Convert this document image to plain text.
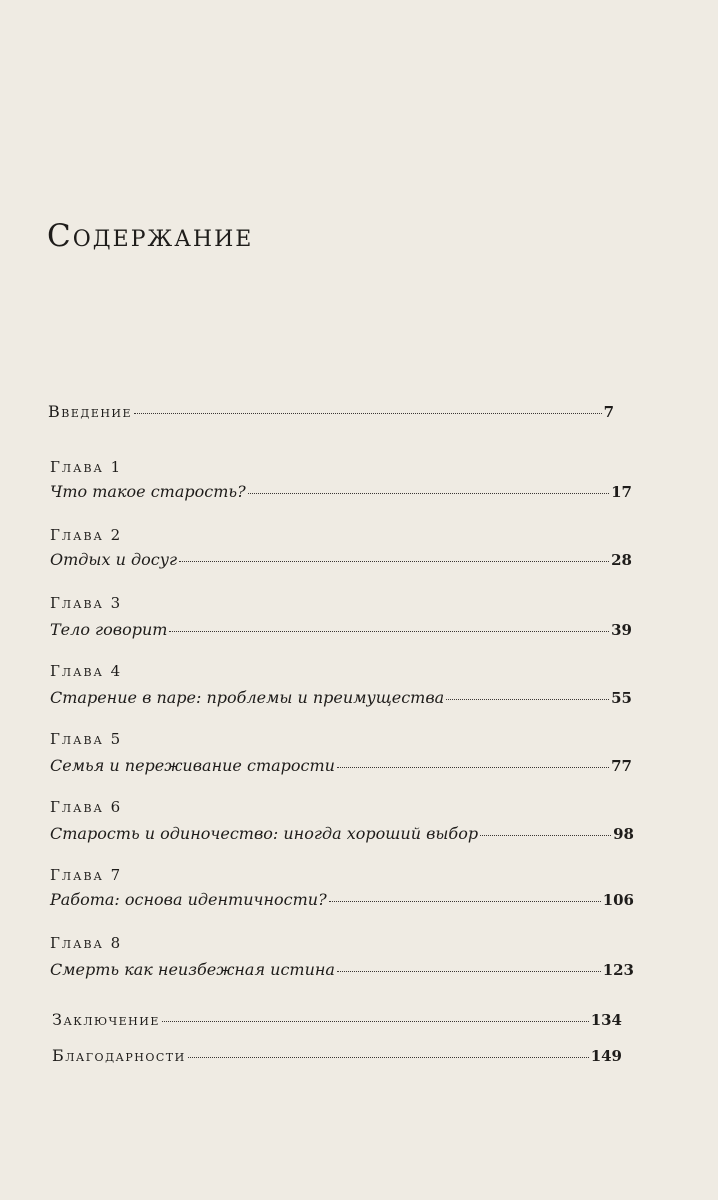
Содержание
Введение	7
Глава 1
Что такое старость?	17
Глава 2
Отдых и досуг	28
Глава 3
Тело говорит	39
Глава 4
Старение в паре: проблемы и преимущества	55
Глава 5
Семья и переживание старости	77
Глава 6
Старость и одиночество: иногда хороший выбор	98
Глава 7
Работа: основа идентичности?	106
Глава 8
Смерть как неизбежная истина	123
Заключение	134
Благодарности	149
